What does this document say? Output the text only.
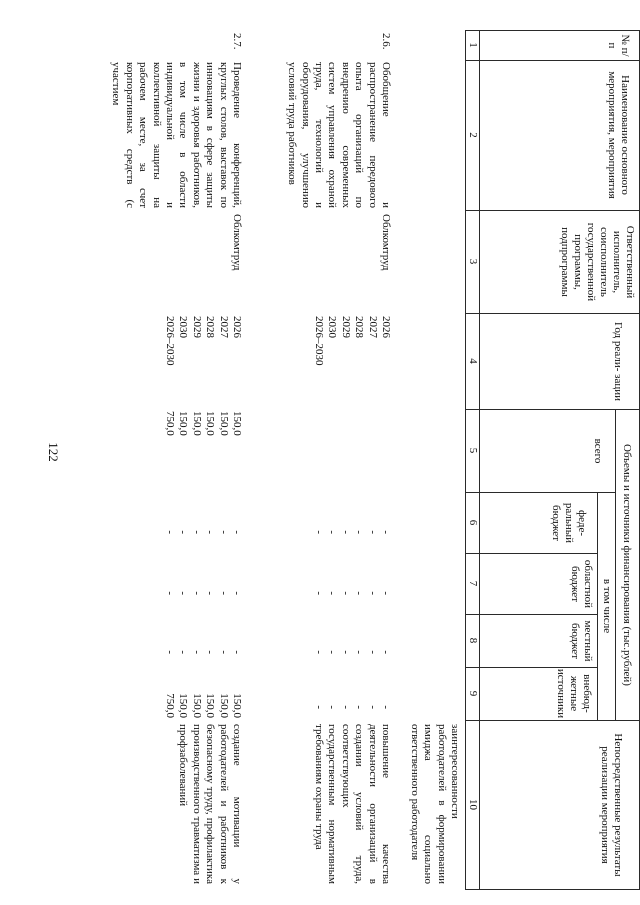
122
№ п/п
Наименование основного мероприятия, мероприятия
Ответственный исполнитель, соисполнитель государственной программы, подпрограммы
Год реали- зации
Объемы и источники финансирования (тыс.рублей)
всего
в том числе
феде- ральный бюджет
областной бюджет
местный бюджет
внебюд- жетные источники
Непосредственные результаты реализации мероприятия
1
2
3
4
5
6
7
8
9
10

заинтересованности работодателей в формировании имиджа социально ответственного работодателя

2.6.

Обобщение и распространение передового опыта организаций по внедрению современных систем управления охраной труда, технологий и оборудования, улучшению условий труда работников

Облкомтруд
2026
2027
2028
2029
2030
2026–2030
-
-
-
-
-
-
-
-
-
-
-
-
-
-
-
-
-
-
-
-
-
-
-
-

повышение качества деятельности организаций в создании условий труда, соответствующих государственным нормативным требованиям охраны труда

2.7.

Проведение конференций, круглых столов, выставок по инновациям в сфере защиты жизни и здоровья работников, в том числе в области индивидуальной и коллективной защиты на рабочем месте, за счет корпоративных средств (с участием

Облкомтруд
2026
2027
2028
2029
2030
2026–2030
150,0
150,0
150,0
150,0
150,0
750,0
-
-
-
-
-
-
-
-
-
-
-
-
-
-
-
-
-
-
150,0
150,0
150,0
150,0
150,0
750,0

создание мотивации у работодателей и работников к безопасному труду, профилактика производственного травматизма и профзаболеваний
